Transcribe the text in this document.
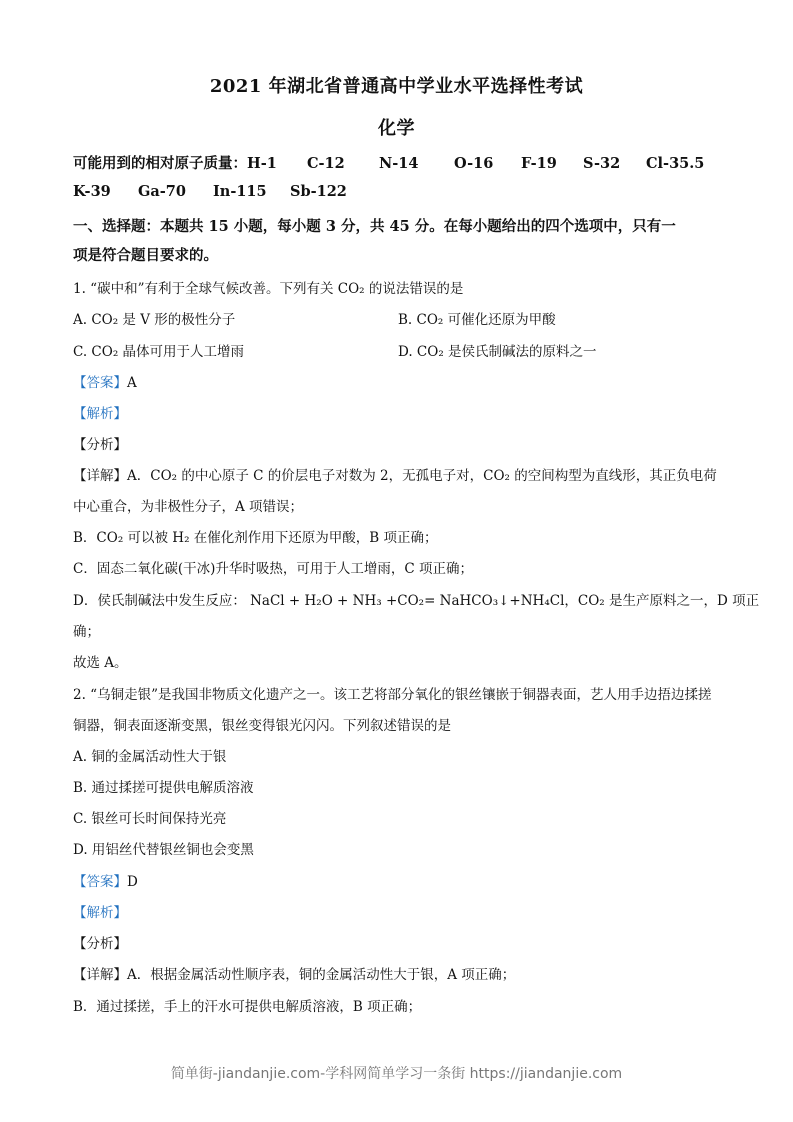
2021 年湖北省普通高中学业水平选择性考试
化学
可能用到的相对原子质量：H-1 C-12 N-14 O-16 F-19 S-32 Cl-35.5
K-39 Ga-70 In-115 Sb-122
一、选择题：本题共 15 小题，每小题 3 分，共 45 分。在每小题给出的四个选项中，只有一
项是符合题目要求的。
1. “碳中和”有利于全球气候改善。下列有关 CO₂ 的说法错误的是
A. CO₂ 是 V 形的极性分子	B. CO₂ 可催化还原为甲酸
C. CO₂ 晶体可用于人工增雨	D. CO₂ 是侯氏制碱法的原料之一
【答案】A
【解析】
【分析】
【详解】A．CO₂ 的中心原子 C 的价层电子对数为 2，无孤电子对，CO₂ 的空间构型为直线形，其正负电荷
中心重合，为非极性分子，A 项错误；
B．CO₂ 可以被 H₂ 在催化剂作用下还原为甲酸，B 项正确；
C．固态二氧化碳(干冰)升华时吸热，可用于人工增雨，C 项正确；
D．侯氏制碱法中发生反应： NaCl + H₂O + NH₃ +CO₂= NaHCO₃↓+NH₄Cl，CO₂ 是生产原料之一，D 项正
确；
故选 A。
2. “乌铜走银”是我国非物质文化遗产之一。该工艺将部分氧化的银丝镶嵌于铜器表面，艺人用手边捂边揉搓
铜器，铜表面逐渐变黑，银丝变得银光闪闪。下列叙述错误的是
A. 铜的金属活动性大于银
B. 通过揉搓可提供电解质溶液
C. 银丝可长时间保持光亮
D. 用铝丝代替银丝铜也会变黑
【答案】D
【解析】
【分析】
【详解】A．根据金属活动性顺序表，铜的金属活动性大于银，A 项正确；
B．通过揉搓，手上的汗水可提供电解质溶液，B 项正确；
简单街-jiandanjie.com-学科网简单学习一条街 https://jiandanjie.com
